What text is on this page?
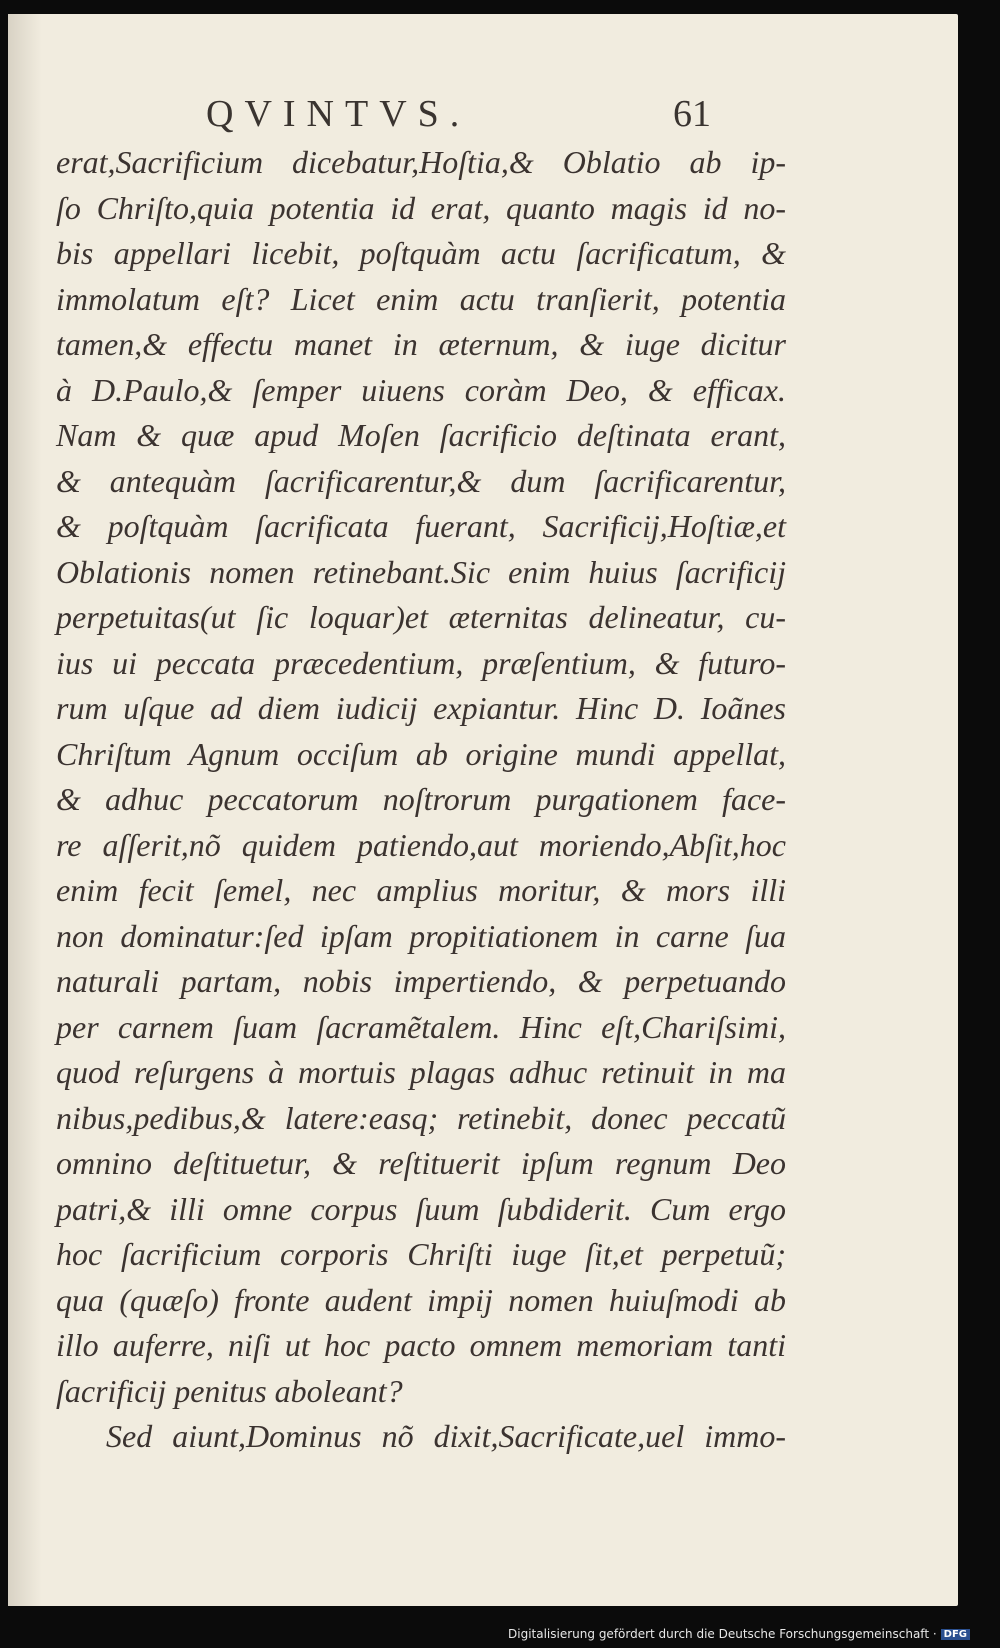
QVINTVS.	61
erat,Sacrificium dicebatur,Hoſtia,& Oblatio ab ip-
ſo Chriſto,quia potentia id erat, quanto magis id no-
bis appellari licebit, poſtquàm actu ſacrificatum, &
immolatum eſt? Licet enim actu tranſierit, potentia
tamen,& effectu manet in æternum, & iuge dicitur
à D.Paulo,& ſemper uiuens coràm Deo, & efficax.
Nam & quæ apud Moſen ſacrificio deſtinata erant,
& antequàm ſacrificarentur,& dum ſacrificarentur,
& poſtquàm ſacrificata fuerant, Sacrificij,Hoſtiæ,et
Oblationis nomen retinebant.Sic enim huius ſacrificij
perpetuitas(ut ſic loquar)et æternitas delineatur, cu-
ius ui peccata præcedentium, præſentium, & futuro-
rum uſque ad diem iudicij expiantur. Hinc D. Ioãnes
Chriſtum Agnum occiſum ab origine mundi appellat,
& adhuc peccatorum noſtrorum purgationem face-
re aſſerit,nõ quidem patiendo,aut moriendo,Abſit,hoc
enim fecit ſemel, nec amplius moritur, & mors illi
non dominatur:ſed ipſam propitiationem in carne ſua
naturali partam, nobis impertiendo, & perpetuando
per carnem ſuam ſacramẽtalem. Hinc eſt,Chariſsimi,
quod reſurgens à mortuis plagas adhuc retinuit in ma
nibus,pedibus,& latere:easq; retinebit, donec peccatũ
omnino deſtituetur, & reſtituerit ipſum regnum Deo
patri,& illi omne corpus ſuum ſubdiderit. Cum ergo
hoc ſacrificium corporis Chriſti iuge ſit,et perpetuũ;
qua (quæſo) fronte audent impij nomen huiuſmodi ab
illo auferre, niſi ut hoc pacto omnem memoriam tanti
ſacrificij penitus aboleant?
Sed aiunt,Dominus nõ dixit,Sacrificate,uel immo-
Digitalisierung gefördert durch die Deutsche Forschungsgemeinschaft · DFG
